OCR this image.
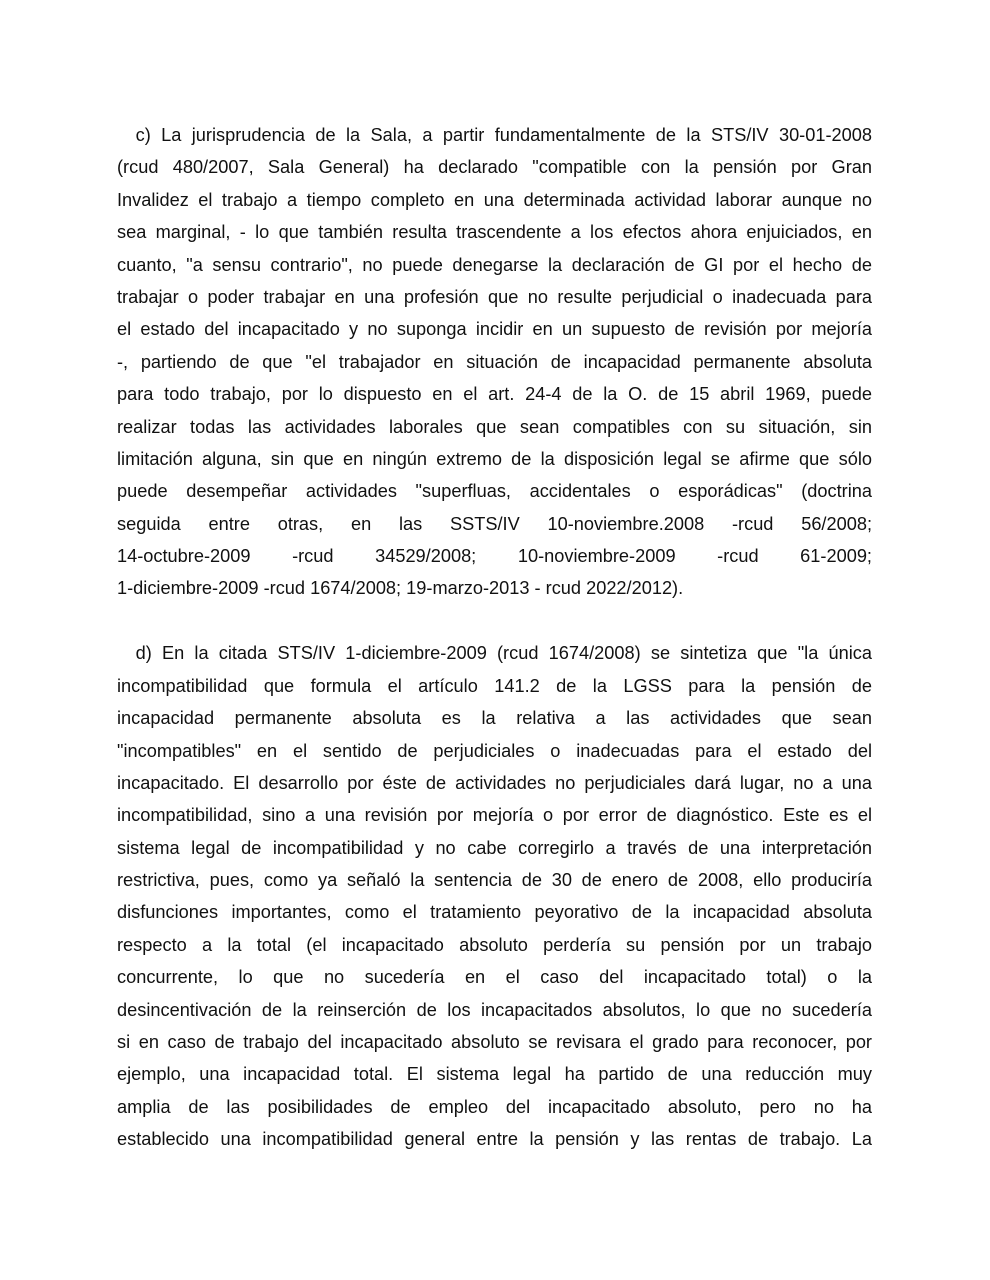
c) La jurisprudencia de la Sala, a partir fundamentalmente de la STS/IV 30-01-2008
(rcud 480/2007, Sala General) ha declarado "compatible con la pensión por Gran
Invalidez el trabajo a tiempo completo en una determinada actividad laborar aunque no
sea marginal, - lo que también resulta trascendente a los efectos ahora enjuiciados, en
cuanto, "a sensu contrario", no puede denegarse la declaración de GI por el hecho de
trabajar o poder trabajar en una profesión que no resulte perjudicial o inadecuada para
el estado del incapacitado y no suponga incidir en un supuesto de revisión por mejoría
-, partiendo de que "el trabajador en situación de incapacidad permanente absoluta
para todo trabajo, por lo dispuesto en el art. 24-4 de la O. de 15 abril 1969, puede
realizar todas las actividades laborales que sean compatibles con su situación, sin
limitación alguna, sin que en ningún extremo de la disposición legal se afirme que sólo
puede desempeñar actividades "superfluas, accidentales o esporádicas" (doctrina
seguida entre otras, en las SSTS/IV 10-noviembre.2008 -rcud 56/2008;
14-octubre-2009 -rcud 34529/2008; 10-noviembre-2009 -rcud 61-2009;
1-diciembre-2009 -rcud 1674/2008; 19-marzo-2013 - rcud 2022/2012).
d) En la citada STS/IV 1-diciembre-2009 (rcud 1674/2008) se sintetiza que "la única
incompatibilidad que formula el artículo 141.2 de la LGSS para la pensión de
incapacidad permanente absoluta es la relativa a las actividades que sean
"incompatibles" en el sentido de perjudiciales o inadecuadas para el estado del
incapacitado. El desarrollo por éste de actividades no perjudiciales dará lugar, no a una
incompatibilidad, sino a una revisión por mejoría o por error de diagnóstico. Este es el
sistema legal de incompatibilidad y no cabe corregirlo a través de una interpretación
restrictiva, pues, como ya señaló la sentencia de 30 de enero de 2008, ello produciría
disfunciones importantes, como el tratamiento peyorativo de la incapacidad absoluta
respecto a la total (el incapacitado absoluto perdería su pensión por un trabajo
concurrente, lo que no sucedería en el caso del incapacitado total) o la
desincentivación de la reinserción de los incapacitados absolutos, lo que no sucedería
si en caso de trabajo del incapacitado absoluto se revisara el grado para reconocer, por
ejemplo, una incapacidad total. El sistema legal ha partido de una reducción muy
amplia de las posibilidades de empleo del incapacitado absoluto, pero no ha
establecido una incompatibilidad general entre la pensión y las rentas de trabajo. La
